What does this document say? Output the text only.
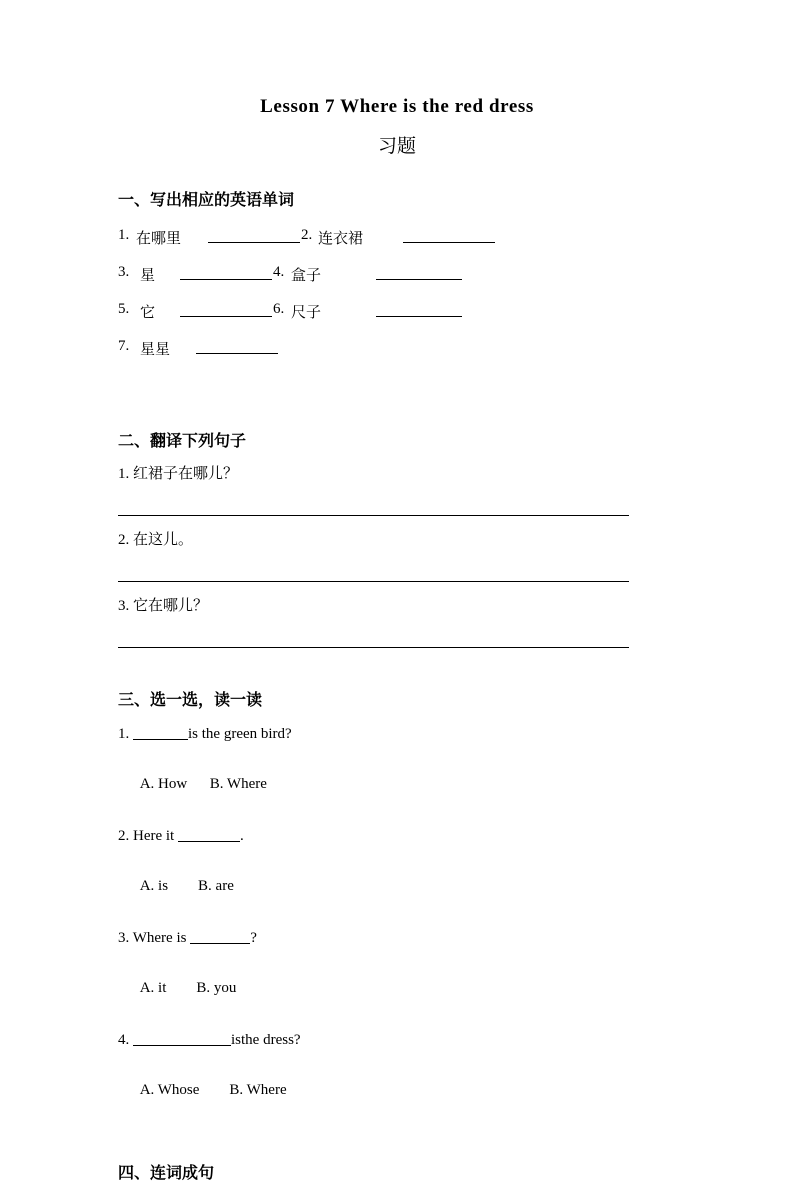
Lesson 7 Where is the red dress
习题
一、写出相应的英语单词
1. 在哪里	2. 连衣裙
3. 星	4. 盒子
5. 它	6. 尺子
7. 星星
二、翻译下列句子
1. 红裙子在哪儿？
2. 在这儿。
3. 它在哪儿？
三、选一选，读一读
1.	is the green bird?

A. How B. Where

2. Here it	.

A. is B. are

3. Where is	?

A. it B. you

4.	isthe dress?

A. Whose B. Where

四、连词成句
